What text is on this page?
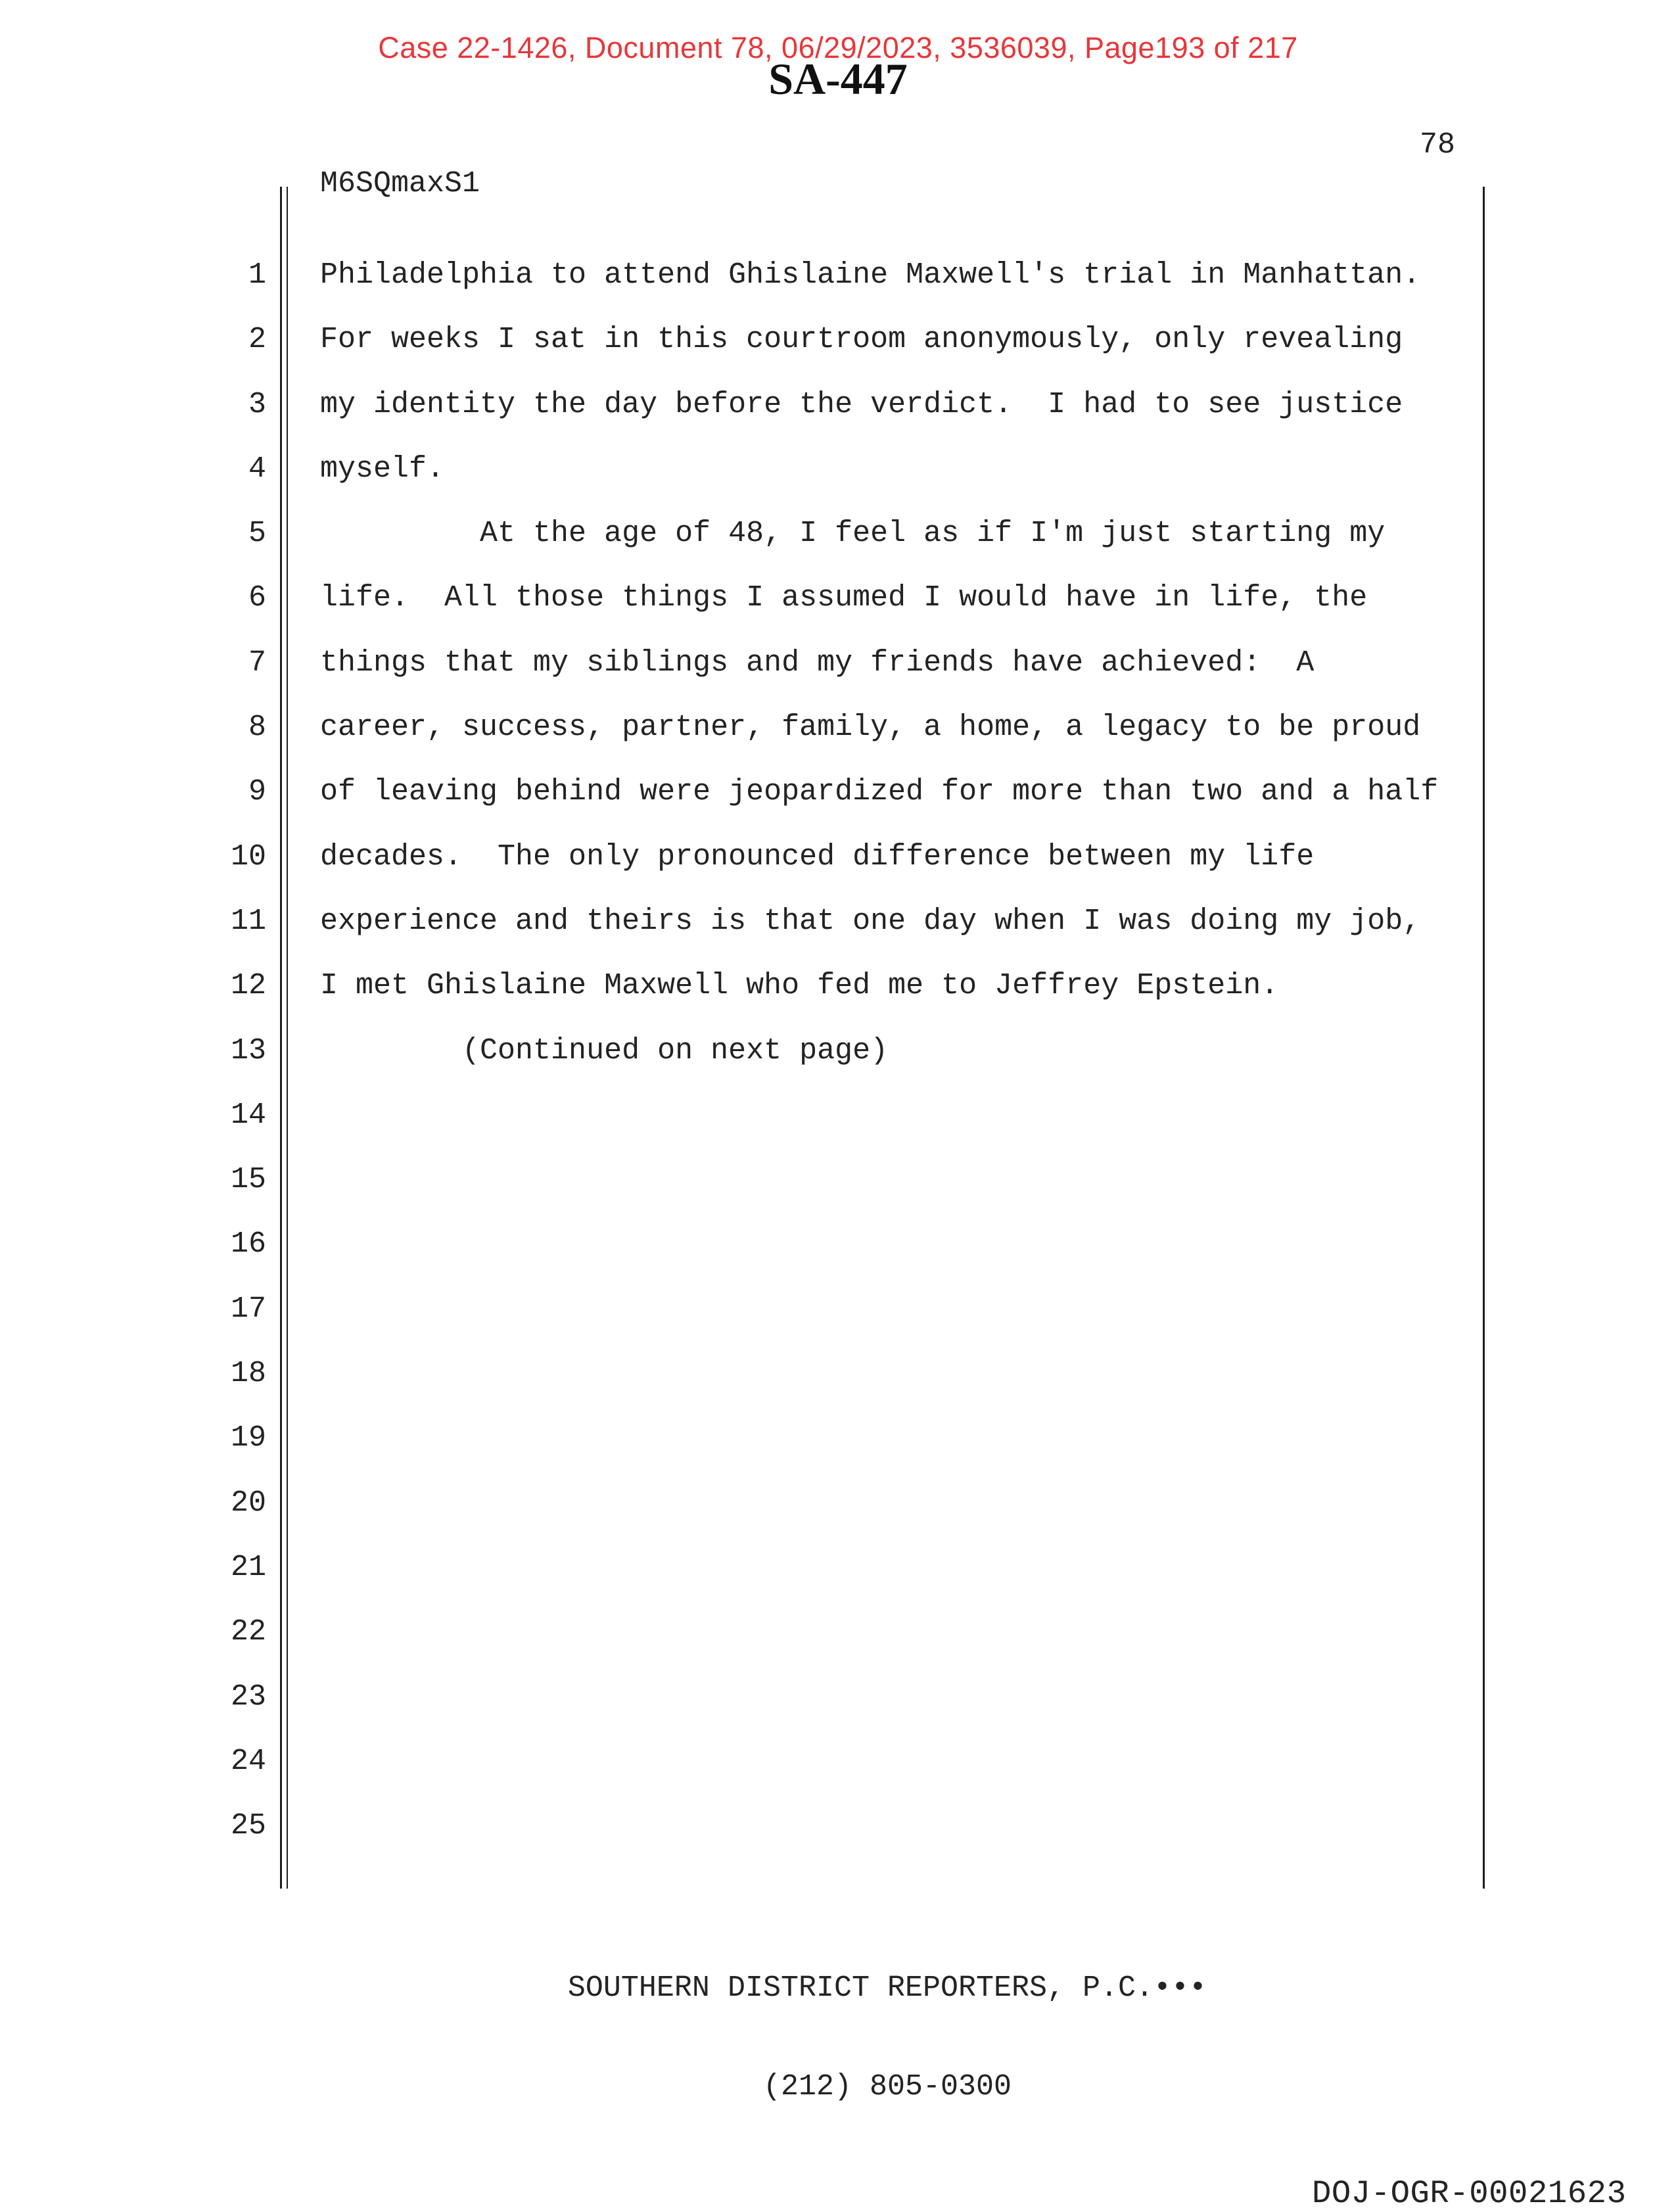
Case 22-1426, Document 78, 06/29/2023, 3536039, Page193 of 217
SA-447
78
M6SQmaxS1
1 Philadelphia to attend Ghislaine Maxwell's trial in Manhattan.
2 For weeks I sat in this courtroom anonymously, only revealing
3 my identity the day before the verdict.  I had to see justice
4 myself.
5 At the age of 48, I feel as if I'm just starting my
6 life.  All those things I assumed I would have in life, the
7 things that my siblings and my friends have achieved:  A
8 career, success, partner, family, a home, a legacy to be proud
9 of leaving behind were jeopardized for more than two and a half
10 decades.  The only pronounced difference between my life
11 experience and theirs is that one day when I was doing my job,
12 I met Ghislaine Maxwell who fed me to Jeffrey Epstein.
13 (Continued on next page)
14
15
16
17
18
19
20
21
22
23
24
25

SOUTHERN DISTRICT REPORTERS, P.C.•••

(212) 805-0300

DOJ-OGR-00021623
